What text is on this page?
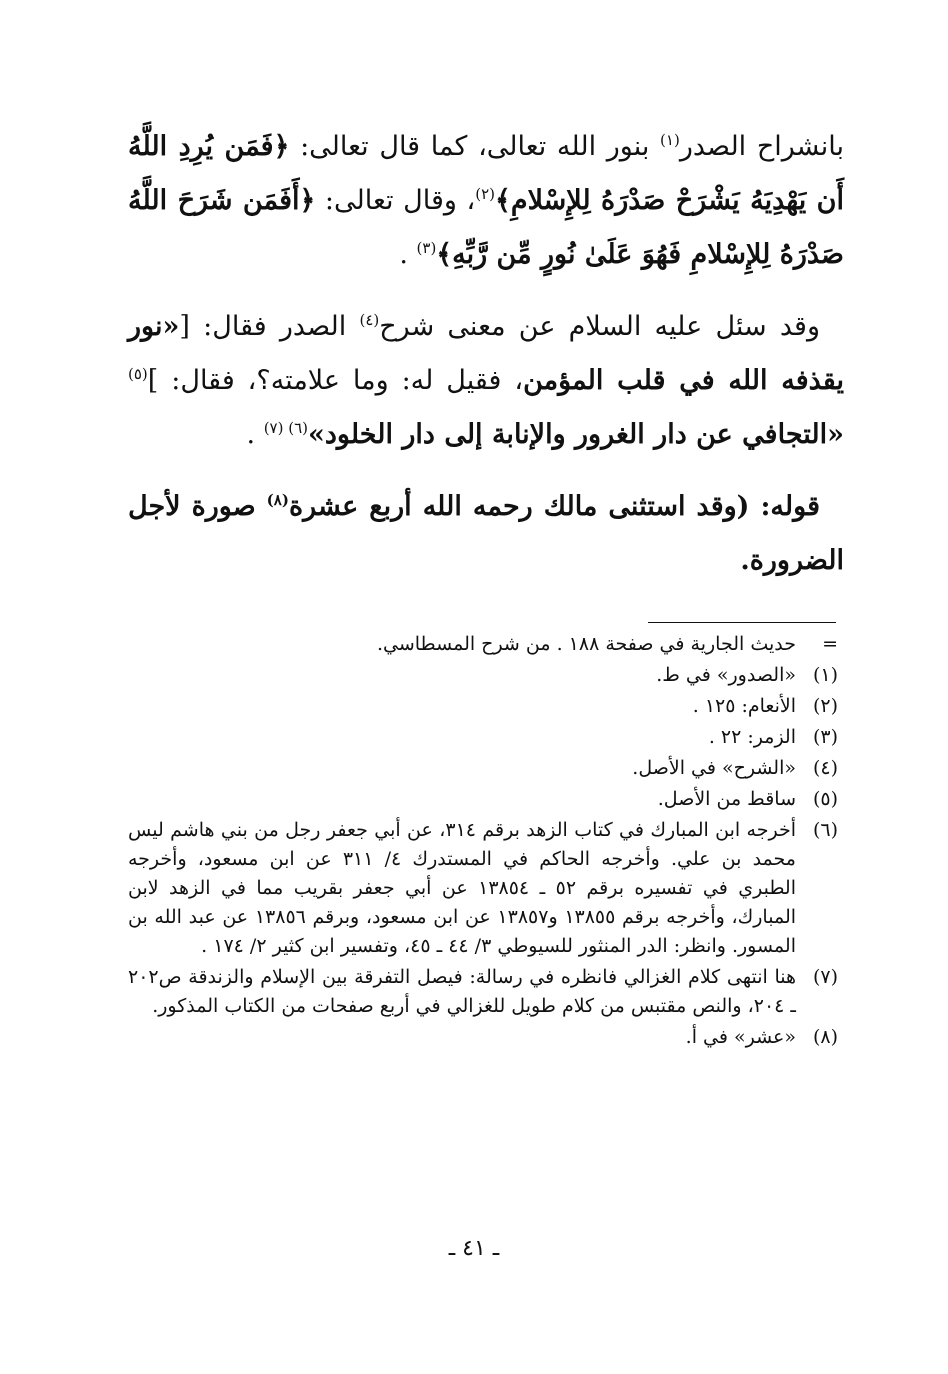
بانشراح الصدر$^{(١)}$ بنور الله تعالى، كما قال تعالى: ﴿فَمَن يُرِدِ اللَّهُ أَن يَهْدِيَهُ يَشْرَحْ صَدْرَهُ لِلإِسْلامِ﴾$^{(٢)}$، وقال تعالى: ﴿أَفَمَن شَرَحَ اللَّهُ صَدْرَهُ لِلإِسْلامِ فَهُوَ عَلَىٰ نُورٍ مِّن رَّبِّهِ﴾$^{(٣)}$ .

وقد سئل عليه السلام عن معنى شرح$^{(٤)}$ الصدر فقال: [«نور يقذفه الله في قلب المؤمن، فقيل له: وما علامته؟، فقال: ]$^{(٥)}$ «التجافي عن دار الغرور والإنابة إلى دار الخلود»$^{(٦) (٧)}$ .

قوله: (وقد استثنى مالك رحمه الله أربع عشرة$^{(٨)}$ صورة لأجل الضرورة.

=
حديث الجارية في صفحة ١٨٨ . من شرح المسطاسي.
(١)
«الصدور» في ط.
(٢)
الأنعام: ١٢٥ .
(٣)
الزمر: ٢٢ .
(٤)
«الشرح» في الأصل.
(٥)
ساقط من الأصل.
(٦)
أخرجه ابن المبارك في كتاب الزهد برقم ٣١٤، عن أبي جعفر رجل من بني هاشم ليس محمد بن علي. وأخرجه الحاكم في المستدرك ٤/ ٣١١ عن ابن مسعود، وأخرجه الطبري في تفسيره برقم ٥٢ ـ ١٣٨٥٤ عن أبي جعفر بقريب مما في الزهد لابن المبارك، وأخرجه برقم ١٣٨٥٥ و١٣٨٥٧ عن ابن مسعود، وبرقم ١٣٨٥٦ عن عبد الله بن المسور. وانظر: الدر المنثور للسيوطي ٣/ ٤٤ ـ ٤٥، وتفسير ابن كثير ٢/ ١٧٤ .
(٧)
هنا انتهى كلام الغزالي فانظره في رسالة: فيصل التفرقة بين الإسلام والزندقة ص٢٠٢ ـ ٢٠٤، والنص مقتبس من كلام طويل للغزالي في أربع صفحات من الكتاب المذكور.
(٨)
«عشر» في أ.
ـ ٤١ ـ
